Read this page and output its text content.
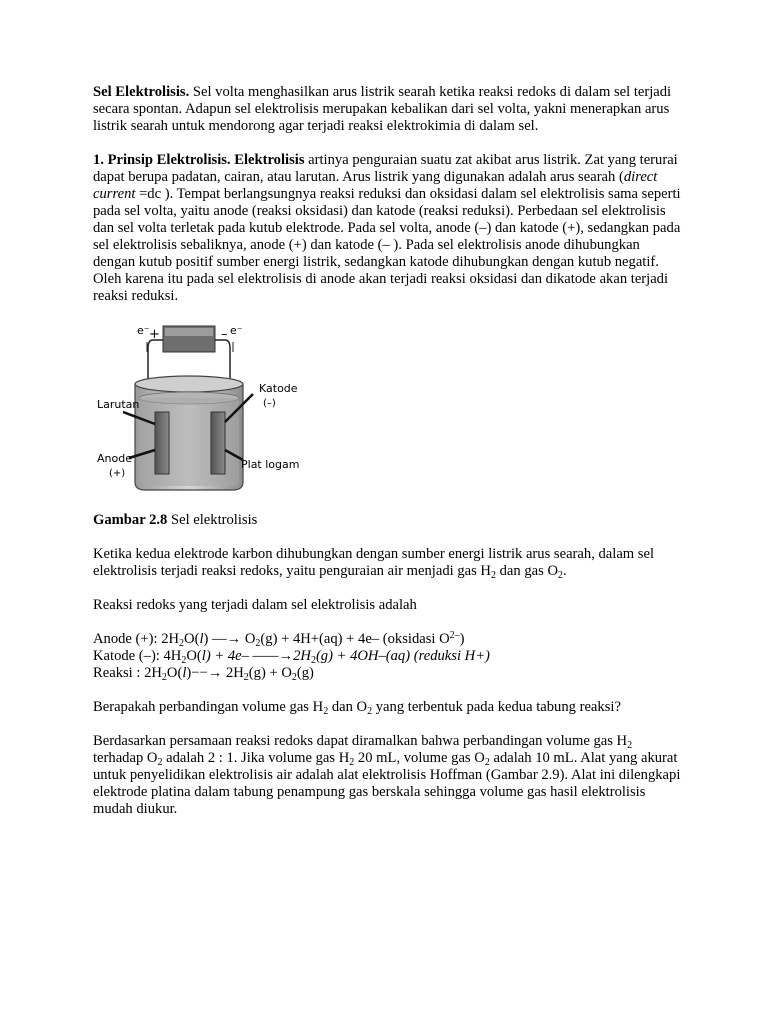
Sel Elektrolisis. Sel volta menghasilkan arus listrik searah ketika reaksi redoks di dalam sel terjadi secara spontan. Adapun sel elektrolisis merupakan kebalikan dari sel volta, yakni menerapkan arus listrik searah untuk mendorong agar terjadi reaksi elektrokimia di dalam sel.

1. Prinsip Elektrolisis. Elektrolisis artinya penguraian suatu zat akibat arus listrik. Zat yang terurai dapat berupa padatan, cairan, atau larutan. Arus listrik yang digunakan adalah arus searah (direct current =dc ). Tempat berlangsungnya reaksi reduksi dan oksidasi dalam sel elektrolisis sama seperti pada sel volta, yaitu anode (reaksi oksidasi) dan katode (reaksi reduksi). Perbedaan sel elektrolisis dan sel volta terletak pada kutub elektrode. Pada sel volta, anode (–) dan katode (+), sedangkan pada sel elektrolisis sebaliknya, anode (+) dan katode (– ). Pada sel elektrolisis anode dihubungkan dengan kutub positif sumber energi listrik, sedangkan katode dihubungkan dengan kutub negatif. Oleh karena itu pada sel elektrolisis di anode akan terjadi reaksi oksidasi dan dikatode akan terjadi reaksi reduksi.

e⁻	e⁻
+	–
Larutan
Katode
(–)
Anode
(+)
Plat logam

Gambar 2.8 Sel elektrolisis

Ketika kedua elektrode karbon dihubungkan dengan sumber energi listrik arus searah, dalam sel elektrolisis terjadi reaksi redoks, yaitu penguraian air menjadi gas $H_2$ dan gas $O_2$.

Reaksi redoks yang terjadi dalam sel elektrolisis adalah

Anode (+): $2H_2O(l)$ —→ $O_2(g) + 4H+(aq) + 4e-$ (oksidasi $O^{2-}$)

Katode (–): $4H_2O(l) + 4e-$ $——\to 2H_2(g) + 4OH-(aq)$ (reduksi H+)

Reaksi : $2H_2O(l)--\to 2H_2(g) + O_2(g)$

Berapakah perbandingan volume gas $H_2$ dan $O_2$ yang terbentuk pada kedua tabung reaksi?

Berdasarkan persamaan reaksi redoks dapat diramalkan bahwa perbandingan volume gas $H_2$ terhadap $O_2$ adalah 2 : 1. Jika volume gas $H_2$ 20 mL, volume gas $O_2$ adalah 10 mL. Alat yang akurat untuk penyelidikan elektrolisis air adalah alat elektrolisis Hoffman (Gambar 2.9). Alat ini dilengkapi elektrode platina dalam tabung penampung gas berskala sehingga volume gas hasil elektrolisis mudah diukur.
